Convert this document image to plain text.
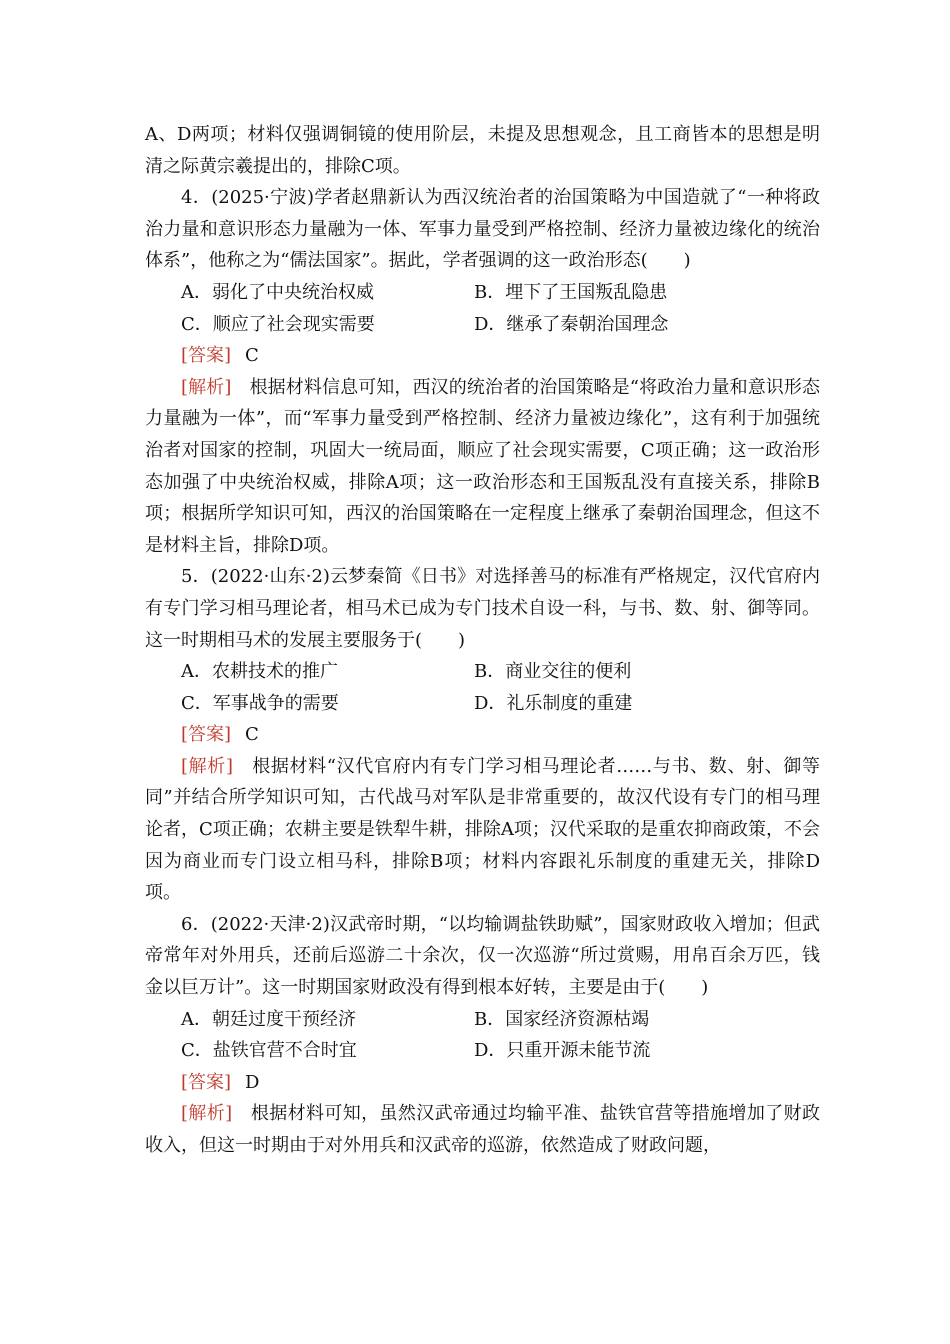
A、D两项；材料仅强调铜镜的使用阶层，未提及思想观念，且工商皆本的思想是明清之际黄宗羲提出的，排除C项。

4．(2025·宁波)学者赵鼎新认为西汉统治者的治国策略为中国造就了“一种将政治力量和意识形态力量融为一体、军事力量受到严格控制、经济力量被边缘化的统治体系”，他称之为“儒法国家”。据此，学者强调的这一政治形态(　　)

A．弱化了中央统治权威	B．埋下了王国叛乱隐患
C．顺应了社会现实需要	D．继承了秦朝治国理念

[答案] C

[解析]　 根据材料信息可知，西汉的统治者的治国策略是“将政治力量和意识形态力量融为一体”，而“军事力量受到严格控制、经济力量被边缘化”，这有利于加强统治者对国家的控制，巩固大一统局面，顺应了社会现实需要，C项正确；这一政治形态加强了中央统治权威，排除A项；这一政治形态和王国叛乱没有直接关系，排除B项；根据所学知识可知，西汉的治国策略在一定程度上继承了秦朝治国理念，但这不是材料主旨，排除D项。

5．(2022·山东·2)云梦秦简《日书》对选择善马的标准有严格规定，汉代官府内有专门学习相马理论者，相马术已成为专门技术自设一科，与书、数、射、御等同。这一时期相马术的发展主要服务于(　　)

A．农耕技术的推广	B．商业交往的便利
C．军事战争的需要	D．礼乐制度的重建

[答案] C

[解析]　 根据材料“汉代官府内有专门学习相马理论者……与书、数、射、御等同”并结合所学知识可知，古代战马对军队是非常重要的，故汉代设有专门的相马理论者，C项正确；农耕主要是铁犁牛耕，排除A项；汉代采取的是重农抑商政策，不会因为商业而专门设立相马科，排除B项；材料内容跟礼乐制度的重建无关，排除D项。

6．(2022·天津·2)汉武帝时期，“以均输调盐铁助赋”，国家财政收入增加；但武帝常年对外用兵，还前后巡游二十余次，仅一次巡游“所过赏赐，用帛百余万匹，钱金以巨万计”。这一时期国家财政没有得到根本好转，主要是由于(　　)

A．朝廷过度干预经济	B．国家经济资源枯竭
C．盐铁官营不合时宜	D．只重开源未能节流

[答案] D

[解析]　 根据材料可知，虽然汉武帝通过均输平准、盐铁官营等措施增加了财政收入，但这一时期由于对外用兵和汉武帝的巡游，依然造成了财政问题，
